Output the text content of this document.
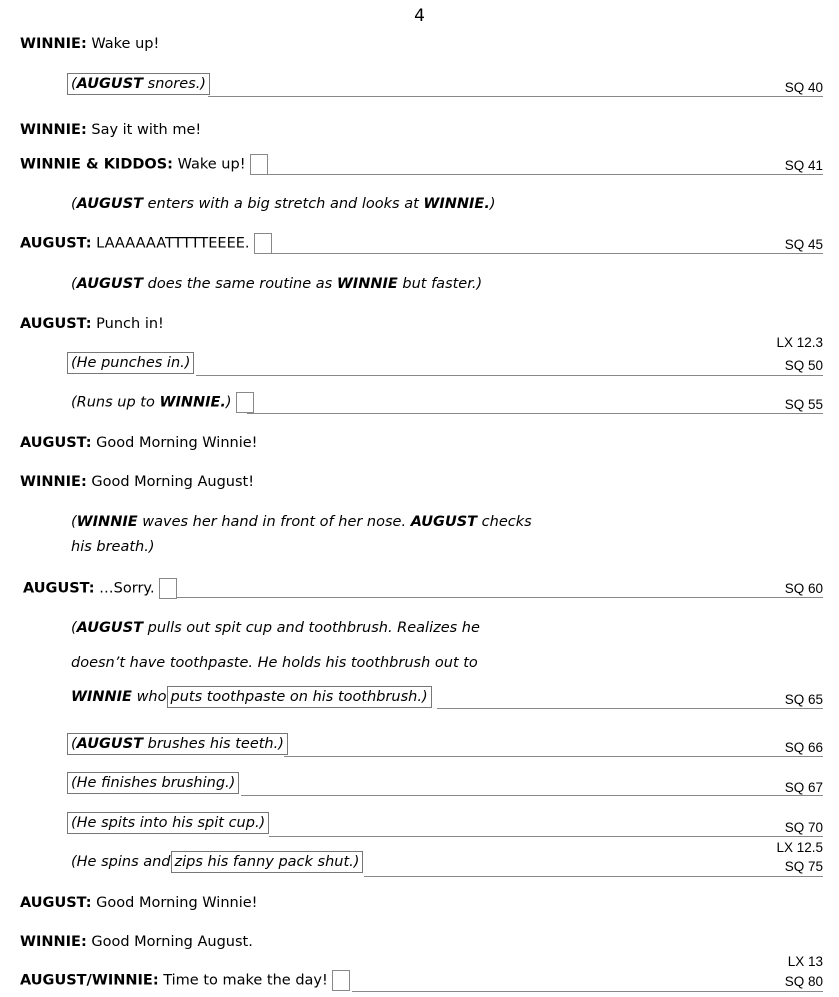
4
WINNIE: Wake up!
(AUGUST snores.)	SQ 40
WINNIE: Say it with me!
WINNIE & KIDDOS: Wake up!	SQ 41
(AUGUST enters with a big stretch and looks at WINNIE.)
AUGUST: LAAAAAATTTTTEEEE.	SQ 45
(AUGUST does the same routine as WINNIE but faster.)
AUGUST: Punch in!
LX 12.3
(He punches in.)	SQ 50
(Runs up to WINNIE.)	SQ 55
AUGUST: Good Morning Winnie!
WINNIE: Good Morning August!
(WINNIE waves her hand in front of her nose. AUGUST checks
his breath.)
AUGUST: …Sorry.	SQ 60
(AUGUST pulls out spit cup and toothbrush. Realizes he
doesn’t have toothpaste. He holds his toothbrush out to
WINNIE who puts toothpaste on his toothbrush.)	SQ 65
(AUGUST brushes his teeth.)	SQ 66
(He finishes brushing.)	SQ 67
(He spits into his spit cup.)	SQ 70
LX 12.5
(He spins and zips his fanny pack shut.)	SQ 75
AUGUST: Good Morning Winnie!
WINNIE: Good Morning August.
LX 13
AUGUST/WINNIE: Time to make the day!	SQ 80
